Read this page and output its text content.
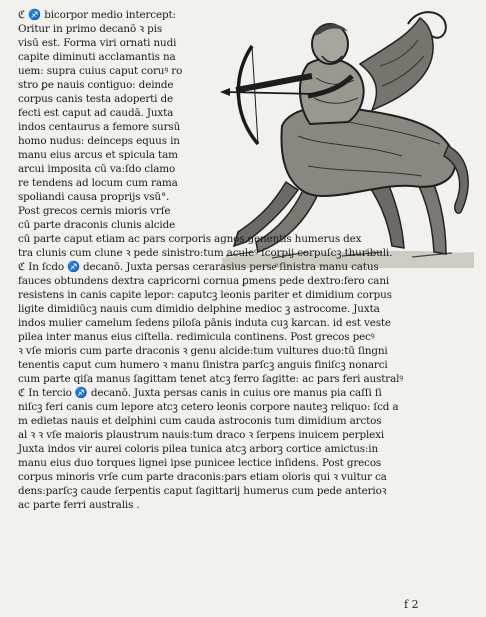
ℭ ♐ bicorpor medio intercept:
Oritur in primo decanō ꝛ pis
visū est. Forma viri ornati nudi
capite diminuti acclamantis na
uem: supra cuius caput coruꝰ ro
stro ꝑe nauis contiguo: deinde
corpus canis testa adoperti de
fecti est caput ad caudā. Juxta
indos centaurus a femore sursū
homo nudus: deinceps equus in
manu eius arcus et spicula tam
arcui imposita cū va:ſdo clamo
re tendens ad locum cum rama
spoliandi causa proprijs vsū°.
Post grecos cernis mioris vrſe
cū parte draconis clunis alcide
cū parte caput etiam ac pars corporis agnos genentis humerus dex
tra clunis cum clune ꝛ pede sinistro:tum aculeꝰ ſcorpij corpuſcꝫ thuribuli.
ℭ In ſcdo ♐ decanō. Juxta persas cerarasius perseͦ ſinistra manu catus
fauces obtundens dextra capricorni cornua ꝑmens pede dextro:fero cani
resistens in canis capite lepor: caputcꝫ leonis pariter et dimidium corpus
ligite dimidiūcꝫ nauis cum dimidio delphine medioc ꝫ astrocome. Juxta
indos mulier camelum ſedens piloſa pānis induta cuꝫ karcan. id est veste
pilea inter manus eius ciſtella. redimicula continens. Post grecos pecꝰ
ꝛ vſe mioris cum parte draconis ꝛ genu alcide:tum vultures duo:tū ſingni
tenentis caput cum humero ꝛ manu ſinistra parſcꝫ anguis finiſcꝫ nonarci
cum parte qiſa manus ſagittam tenet atcꝫ ferro ſagitte: ac pars feri australꝰ
ℭ In tercio ♐ decanō. Juxta persas canis in cuius ore manus pia caſſi ſi
niſcꝫ feri canis cum lepore atcꝫ cetero leonis corpore nauteꝫ reliquo: ſcd a
m edietas nauis et delphini cum cauda astroconis tum dimidium arctos
al ꝛ ꝛ vſe maioris plaustrum nauis:tum draco ꝛ ſerpens inuicem perplexi
Juxta indos vir aurei coloris pilea tunica atcꝫ arborꝫ cortice amictus:in
manu eius duo torques lignei ipse punicee lectice inſidens. Post grecos
corpus minoris vrſe cum parte draconis:pars etiam oloris qui ꝛ vultur ca
dens:parſcꝫ caude ſerpentis caput ſagittarij humerus cum pede anterioꝛ
ac parte ferri australis .
f 2
